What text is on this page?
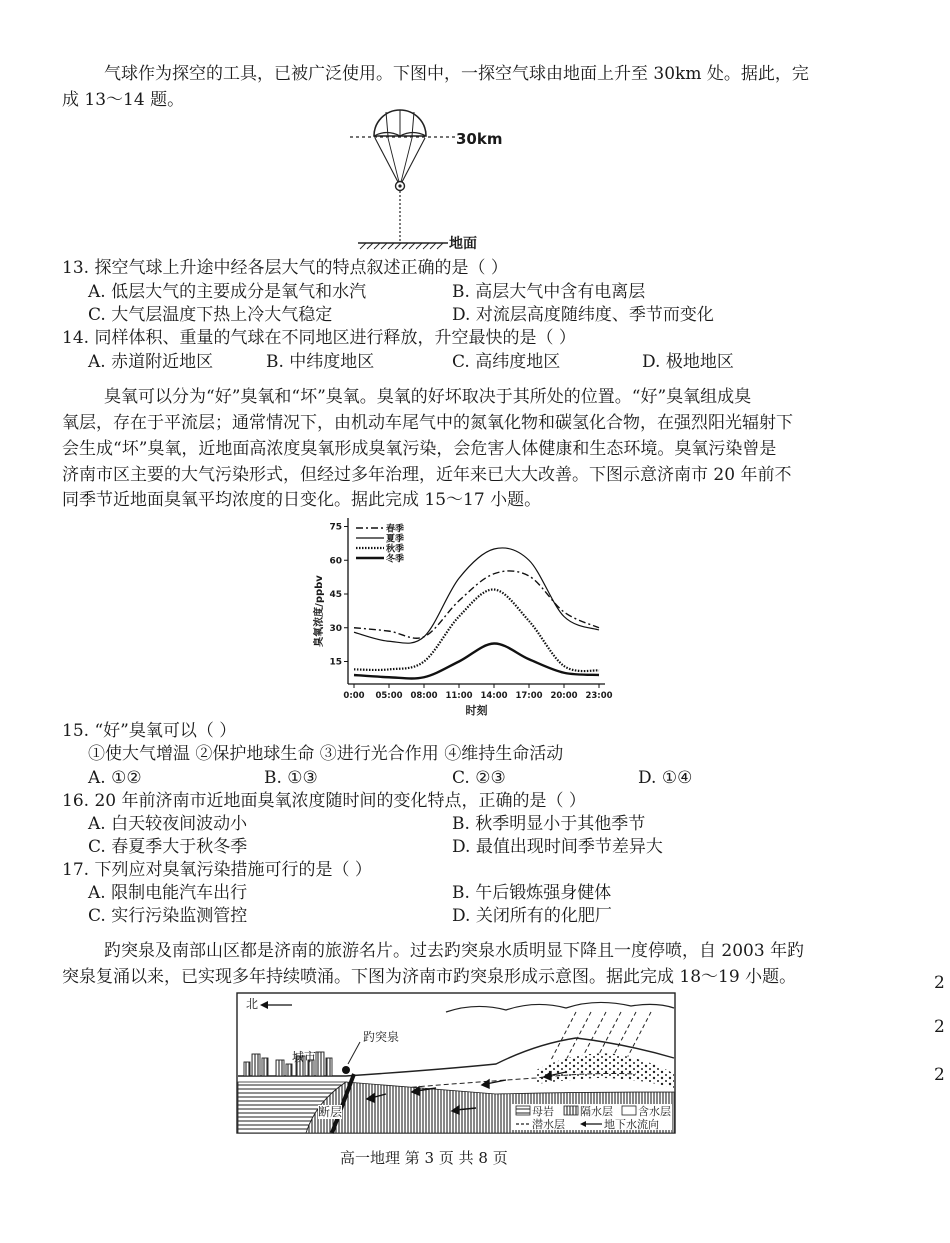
气球作为探空的工具，已被广泛使用。下图中，一探空气球由地面上升至 30km 处。据此，完
成 13～14 题。
30km
地面
13. 探空气球上升途中经各层大气的特点叙述正确的是（ ）
A. 低层大气的主要成分是氧气和水汽	B. 高层大气中含有电离层
C. 大气层温度下热上冷大气稳定	D. 对流层高度随纬度、季节而变化
14. 同样体积、重量的气球在不同地区进行释放，升空最快的是（ ）
A. 赤道附近地区	B. 中纬度地区	C. 高纬度地区	D. 极地地区
臭氧可以分为“好”臭氧和“坏”臭氧。臭氧的好坏取决于其所处的位置。“好”臭氧组成臭
氧层，存在于平流层；通常情况下，由机动车尾气中的氮氧化物和碳氢化合物，在强烈阳光辐射下
会生成“坏”臭氧，近地面高浓度臭氧形成臭氧污染，会危害人体健康和生态环境。臭氧污染曾是
济南市区主要的大气污染形式，但经过多年治理，近年来已大大改善。下图示意济南市 20 年前不
同季节近地面臭氧平均浓度的日变化。据此完成 15～17 小题。
15
30
45
60
75
0:00 05:00 08:00 11:00 14:00 17:00 20:00 23:00
时刻
臭氧浓度/ppbv
春季
夏季
秋季
冬季
15. “好”臭氧可以（ ）
①使大气增温 ②保护地球生命 ③进行光合作用 ④维持生命活动
A. ①②	B. ①③	C. ②③	D. ①④
16. 20 年前济南市近地面臭氧浓度随时间的变化特点，正确的是（ ）
A. 白天较夜间波动小	B. 秋季明显小于其他季节
C. 春夏季大于秋冬季	D. 最值出现时间季节差异大
17. 下列应对臭氧污染措施可行的是（ ）
A. 限制电能汽车出行	B. 午后锻炼强身健体
C. 实行污染监测管控	D. 关闭所有的化肥厂
趵突泉及南部山区都是济南的旅游名片。过去趵突泉水质明显下降且一度停喷，自 2003 年趵
突泉复涌以来，已实现多年持续喷涌。下图为济南市趵突泉形成示意图。据此完成 18～19 小题。
北
趵突泉
城市
断层	母岩 隔水层 含水层
潜水层	地下水流向
2
2
2
高一地理 第 3 页 共 8 页
